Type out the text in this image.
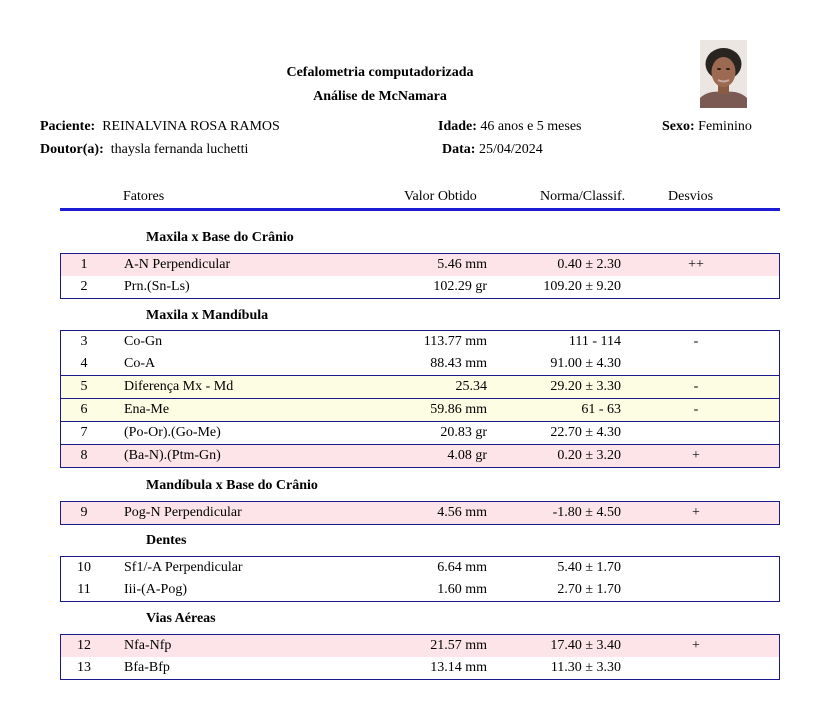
Cefalometria computadorizada
Análise de McNamara
Paciente: REINALVINA ROSA RAMOS	Idade: 46 anos e 5 meses	Sexo: Feminino
Doutor(a): thaysla fernanda luchetti	Data: 25/04/2024
Fatores	Valor Obtido	Norma/Classif.	Desvios
Maxila x Base do Crânio
1	A-N Perpendicular	5.46 mm	0.40 ± 2.30	++
2	Prn.(Sn-Ls)	102.29 gr	109.20 ± 9.20
Maxila x Mandíbula
3	Co-Gn	113.77 mm	111 - 114	-
4	Co-A	88.43 mm	91.00 ± 4.30
5	Diferença Mx - Md	25.34	29.20 ± 3.30	-
6	Ena-Me	59.86 mm	61 - 63	-
7	(Po-Or).(Go-Me)	20.83 gr	22.70 ± 4.30
8	(Ba-N).(Ptm-Gn)	4.08 gr	0.20 ± 3.20	+
Mandíbula x Base do Crânio
9	Pog-N Perpendicular	4.56 mm	-1.80 ± 4.50	+
Dentes
10	Sf1/-A Perpendicular	6.64 mm	5.40 ± 1.70
11	Iii-(A-Pog)	1.60 mm	2.70 ± 1.70
Vias Aéreas
12	Nfa-Nfp	21.57 mm	17.40 ± 3.40	+
13	Bfa-Bfp	13.14 mm	11.30 ± 3.30
